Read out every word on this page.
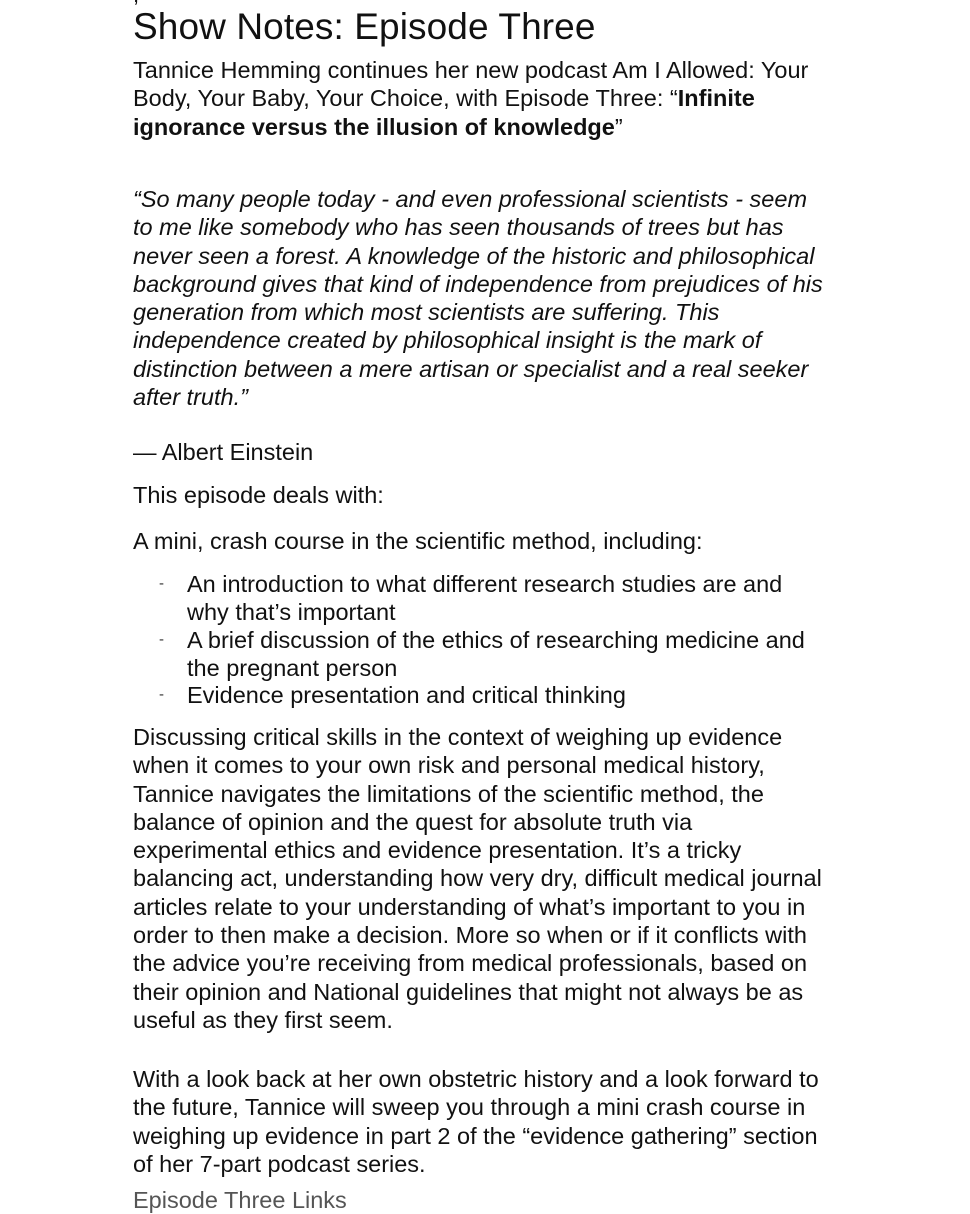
Show Notes: Episode Three

Tannice Hemming continues her new podcast Am I Allowed: Your Body, Your Baby, Your Choice, with Episode Three: “Infinite ignorance versus the illusion of knowledge”

“So many people today - and even professional scientists - seem to me like somebody who has seen thousands of trees but has never seen a forest. A knowledge of the historic and philosophical background gives that kind of independence from prejudices of his generation from which most scientists are suffering. This independence created by philosophical insight is the mark of distinction between a mere artisan or specialist and a real seeker after truth.”

— Albert Einstein

This episode deals with:

A mini, crash course in the scientific method, including:

- An introduction to what different research studies are and why that’s important
- A brief discussion of the ethics of researching medicine and the pregnant person
- Evidence presentation and critical thinking

Discussing critical skills in the context of weighing up evidence when it comes to your own risk and personal medical history, Tannice navigates the limitations of the scientific method, the balance of opinion and the quest for absolute truth via experimental ethics and evidence presentation. It’s a tricky balancing act, understanding how very dry, difficult medical journal articles relate to your understanding of what’s important to you in order to then make a decision. More so when or if it conflicts with the advice you’re receiving from medical professionals, based on their opinion and National guidelines that might not always be as useful as they first seem.

With a look back at her own obstetric history and a look forward to the future, Tannice will sweep you through a mini crash course in weighing up evidence in part 2 of the “evidence gathering” section of her 7-part podcast series.

Episode Three Links
